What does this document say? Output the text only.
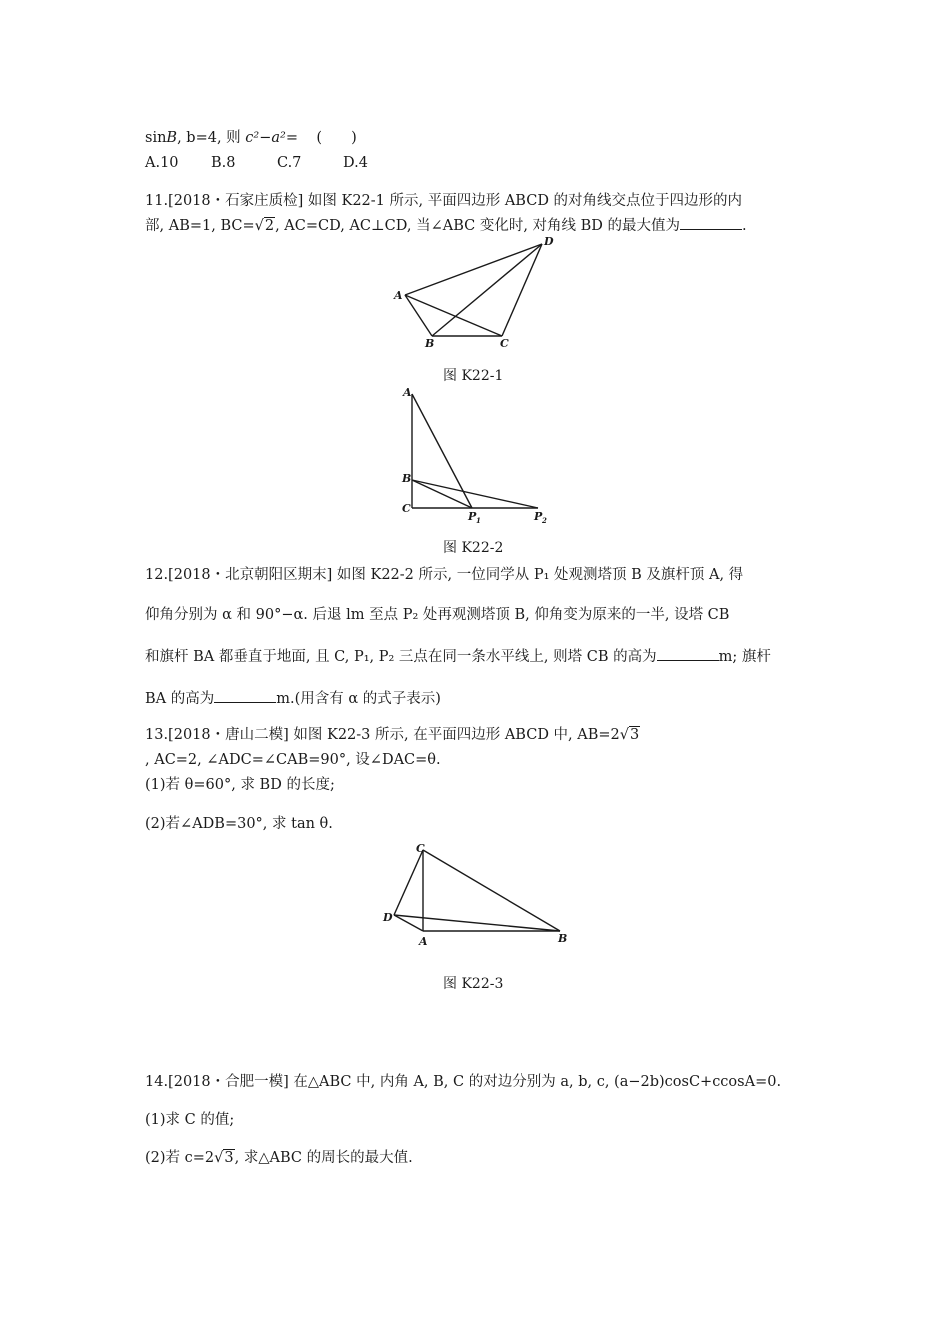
sinB, b=4, 则 c²−a²= (　　)
A.10 B.8	C.7	D.4
11.[2018・石家庄质检] 如图 K22-1 所示, 平面四边形 ABCD 的对角线交点位于四边形的内
部, AB=1, BC=√2, AC=CD, AC⊥CD, 当∠ABC 变化时, 对角线 BD 的最大值为	.
A
B	C
D
图 K22-1
A
B
C
P 1	P 2
图 K22-2
12.[2018・北京朝阳区期末] 如图 K22-2 所示, 一位同学从 P₁ 处观测塔顶 B 及旗杆顶 A, 得
仰角分别为 α 和 90°−α. 后退 lm 至点 P₂ 处再观测塔顶 B, 仰角变为原来的一半, 设塔 CB
和旗杆 BA 都垂直于地面, 且 C, P₁, P₂ 三点在同一条水平线上, 则塔 CB 的高为	m; 旗杆
BA 的高为	m.(用含有 α 的式子表示)
13.[2018・唐山二模] 如图 K22-3 所示, 在平面四边形 ABCD 中, AB=2√3
, AC=2, ∠ADC=∠CAB=90°, 设∠DAC=θ.
(1)若 θ=60°, 求 BD 的长度;
(2)若∠ADB=30°, 求 tan θ.
C
D
A	B
图 K22-3
14.[2018・合肥一模] 在△ABC 中, 内角 A, B, C 的对边分别为 a, b, c, (a−2b)cosC+ccosA=0.
(1)求 C 的值;
(2)若 c=2√3, 求△ABC 的周长的最大值.
